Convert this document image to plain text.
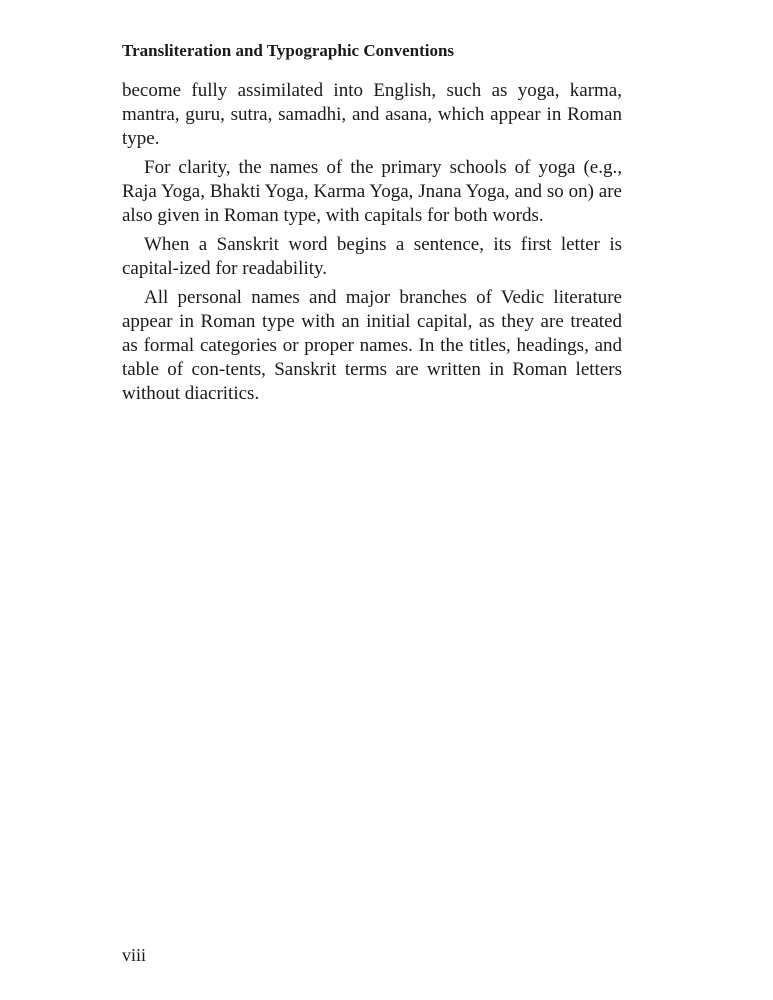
Transliteration and Typographic Conventions

become fully assimilated into English, such as yoga, karma, mantra, guru, sutra, samadhi, and asana, which appear in Roman type.

For clarity, the names of the primary schools of yoga (e.g., Raja Yoga, Bhakti Yoga, Karma Yoga, Jnana Yoga, and so on) are also given in Roman type, with capitals for both words.

When a Sanskrit word begins a sentence, its first letter is capital-ized for readability.

All personal names and major branches of Vedic literature appear in Roman type with an initial capital, as they are treated as formal categories or proper names. In the titles, headings, and table of con-tents, Sanskrit terms are written in Roman letters without diacritics.

viii
